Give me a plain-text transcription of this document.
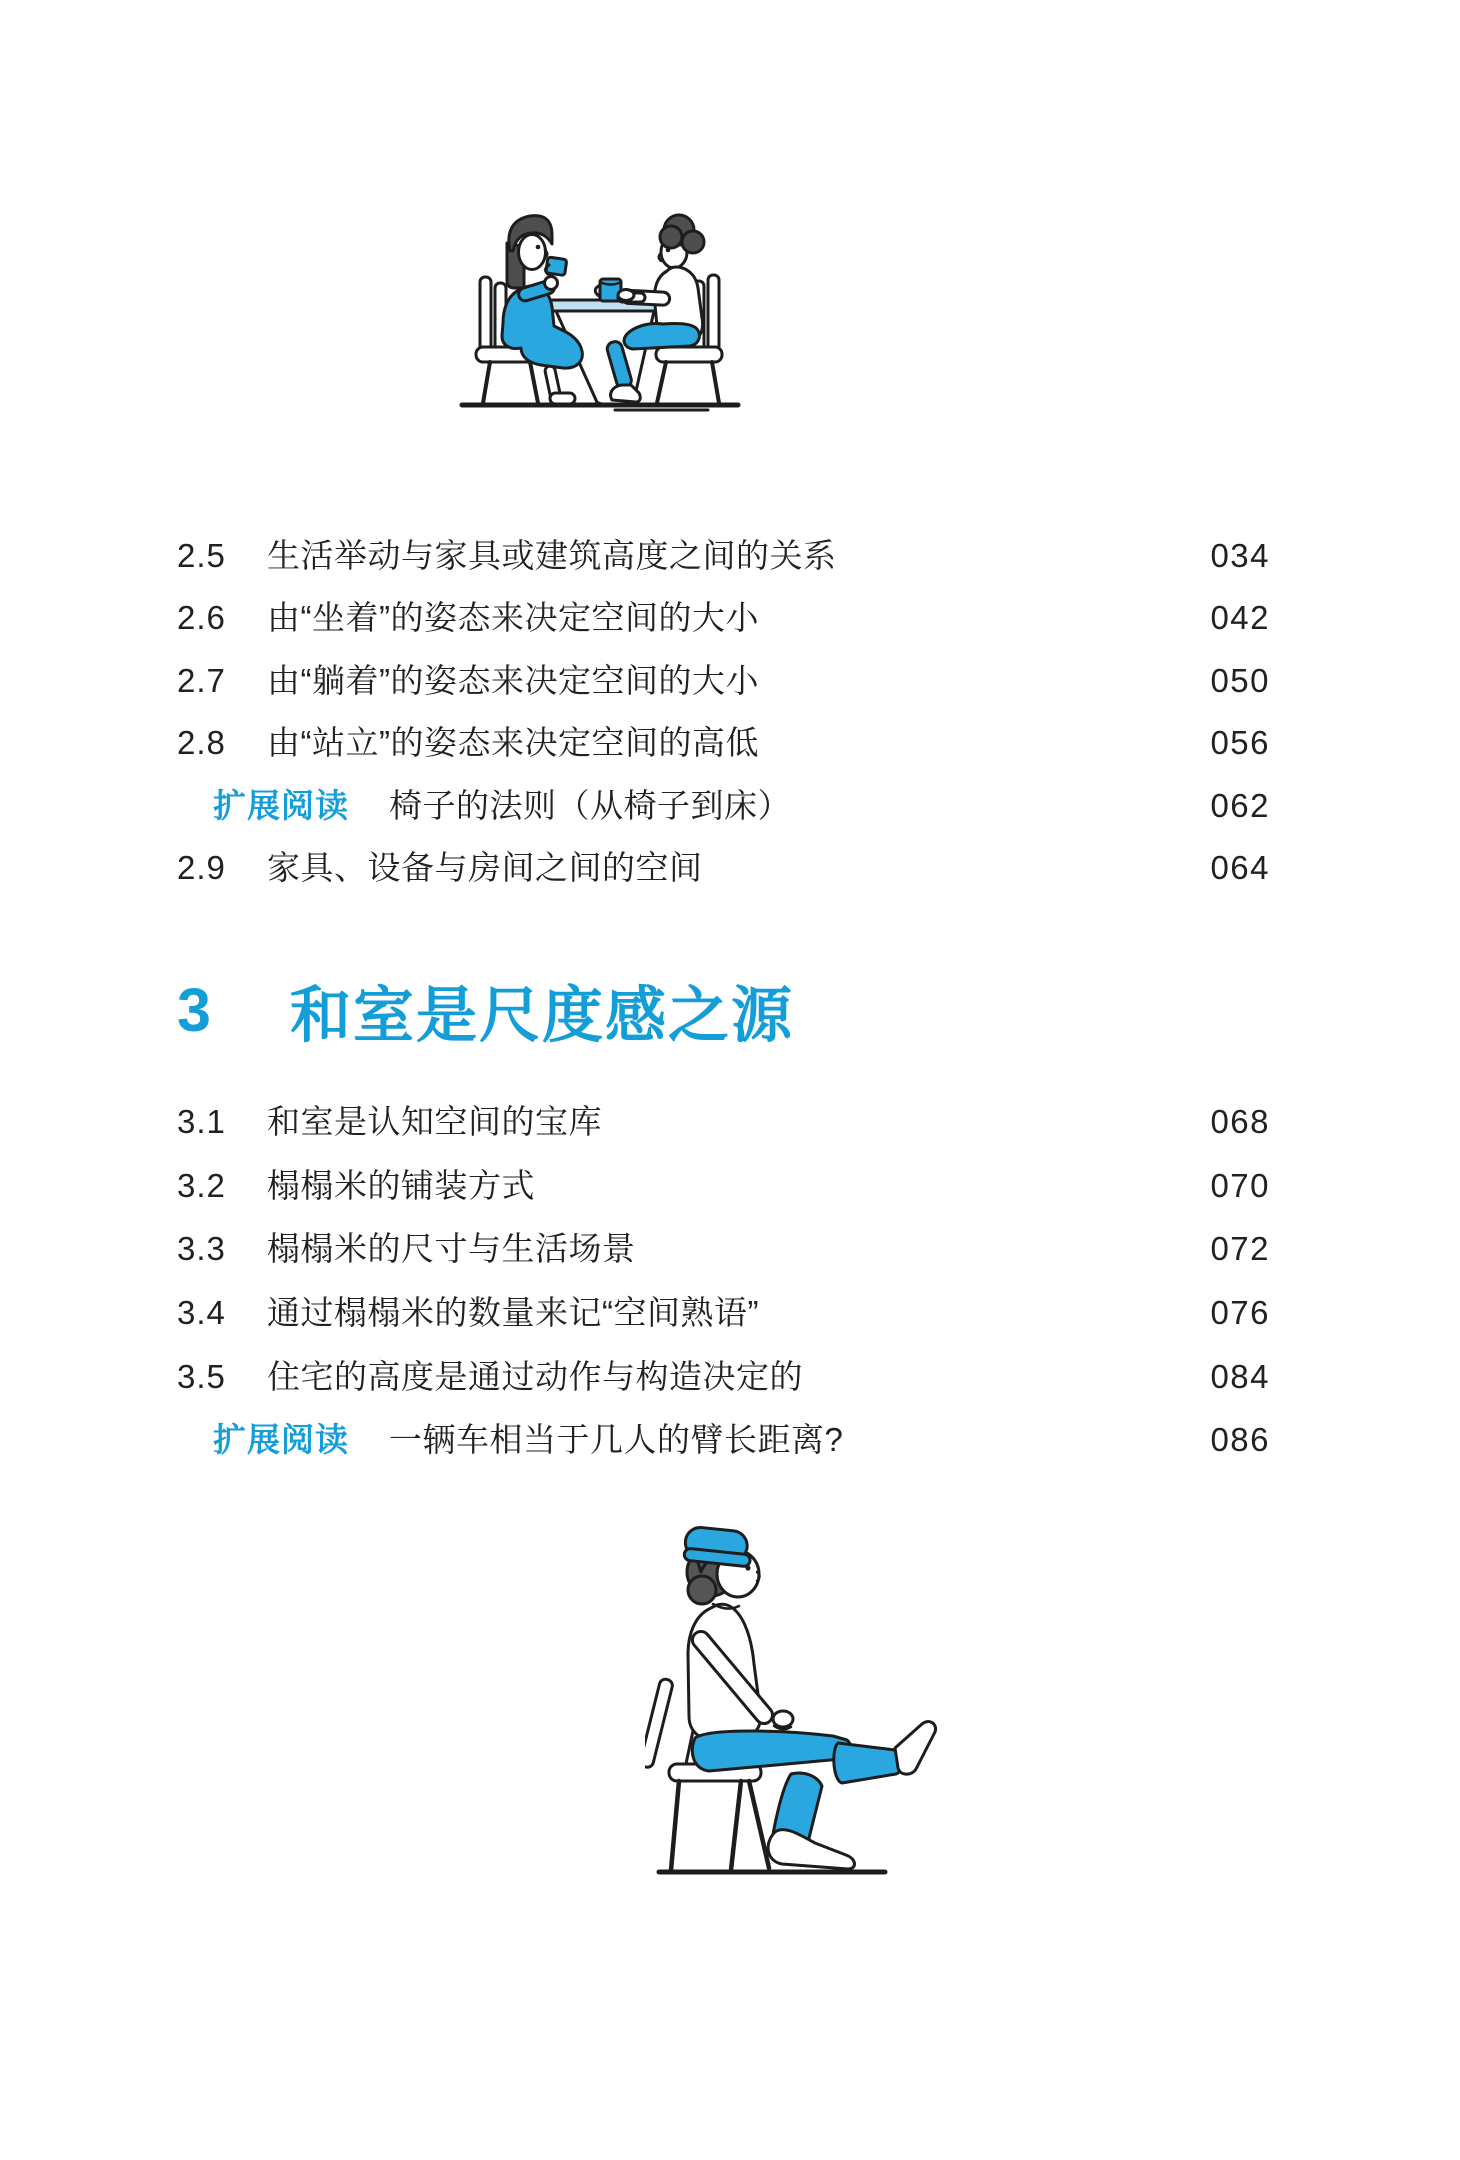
2.5	生活举动与家具或建筑高度之间的关系	034
2.6	由“坐着”的姿态来决定空间的大小	042
2.7	由“躺着”的姿态来决定空间的大小	050
2.8	由“站立”的姿态来决定空间的高低	056
扩展阅读 椅子的法则（从椅子到床）	062
2.9	家具、设备与房间之间的空间	064
3	和室是尺度感之源
3.1	和室是认知空间的宝库	068
3.2	榻榻米的铺装方式	070
3.3	榻榻米的尺寸与生活场景	072
3.4	通过榻榻米的数量来记“空间熟语”	076
3.5	住宅的高度是通过动作与构造决定的	084
扩展阅读 一辆车相当于几人的臂长距离?	086
